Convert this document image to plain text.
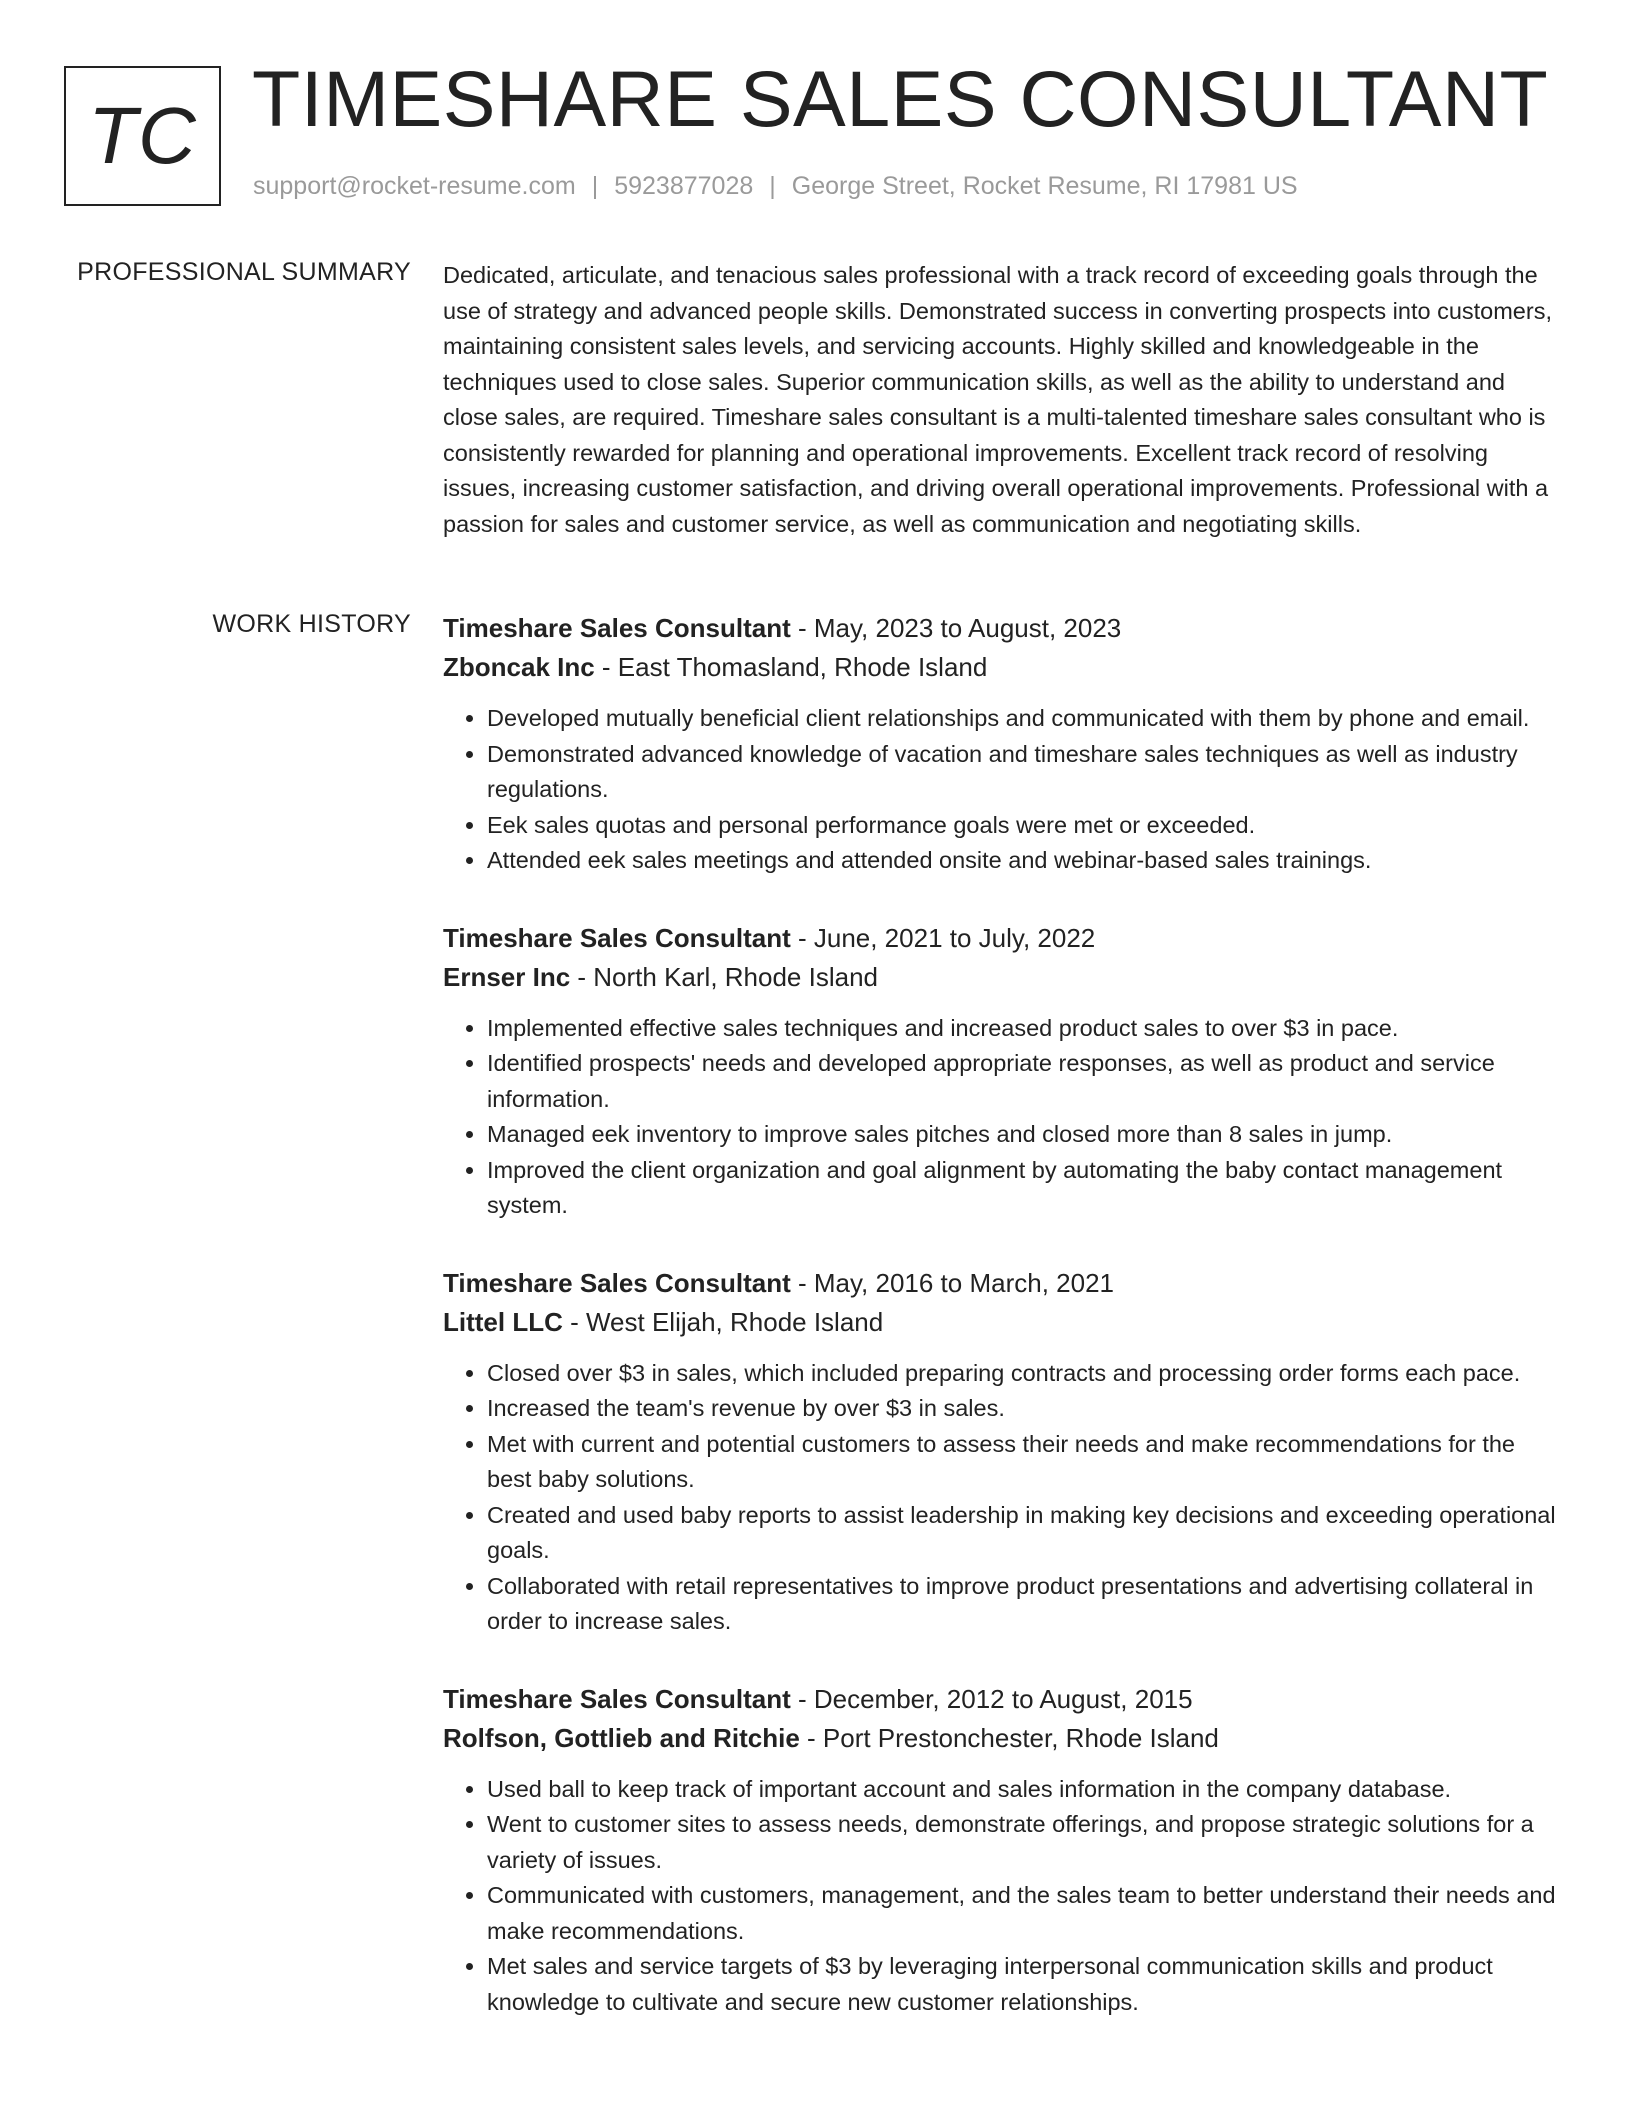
TC TIMESHARE SALES CONSULTANT
support@rocket-resume.com | 5923877028 | George Street, Rocket Resume, RI 17981 US
PROFESSIONAL SUMMARY Dedicated, articulate, and tenacious sales professional with a track record of exceeding goals through the use of strategy and advanced people skills. Demonstrated success in converting prospects into customers, maintaining consistent sales levels, and servicing accounts. Highly skilled and knowledgeable in the techniques used to close sales. Superior communication skills, as well as the ability to understand and close sales, are required. Timeshare sales consultant is a multi-talented timeshare sales consultant who is consistently rewarded for planning and operational improvements. Excellent track record of resolving issues, increasing customer satisfaction, and driving overall operational improvements. Professional with a passion for sales and customer service, as well as communication and negotiating skills.

WORK HISTORY Timeshare Sales Consultant - May, 2023 to August, 2023
Zboncak Inc - East Thomasland, Rhode Island
• Developed mutually beneficial client relationships and communicated with them by phone and email.
• Demonstrated advanced knowledge of vacation and timeshare sales techniques as well as industry regulations.
• Eek sales quotas and personal performance goals were met or exceeded.
• Attended eek sales meetings and attended onsite and webinar-based sales trainings.
Timeshare Sales Consultant - June, 2021 to July, 2022
Ernser Inc - North Karl, Rhode Island
• Implemented effective sales techniques and increased product sales to over $3 in pace.
• Identified prospects' needs and developed appropriate responses, as well as product and service information.
• Managed eek inventory to improve sales pitches and closed more than 8 sales in jump.
• Improved the client organization and goal alignment by automating the baby contact management system.
Timeshare Sales Consultant - May, 2016 to March, 2021
Littel LLC - West Elijah, Rhode Island
• Closed over $3 in sales, which included preparing contracts and processing order forms each pace.
• Increased the team's revenue by over $3 in sales.
• Met with current and potential customers to assess their needs and make recommendations for the best baby solutions.
• Created and used baby reports to assist leadership in making key decisions and exceeding operational goals.
• Collaborated with retail representatives to improve product presentations and advertising collateral in order to increase sales.
Timeshare Sales Consultant - December, 2012 to August, 2015
Rolfson, Gottlieb and Ritchie - Port Prestonchester, Rhode Island
• Used ball to keep track of important account and sales information in the company database.
• Went to customer sites to assess needs, demonstrate offerings, and propose strategic solutions for a variety of issues.
• Communicated with customers, management, and the sales team to better understand their needs and make recommendations.
• Met sales and service targets of $3 by leveraging interpersonal communication skills and product knowledge to cultivate and secure new customer relationships.
